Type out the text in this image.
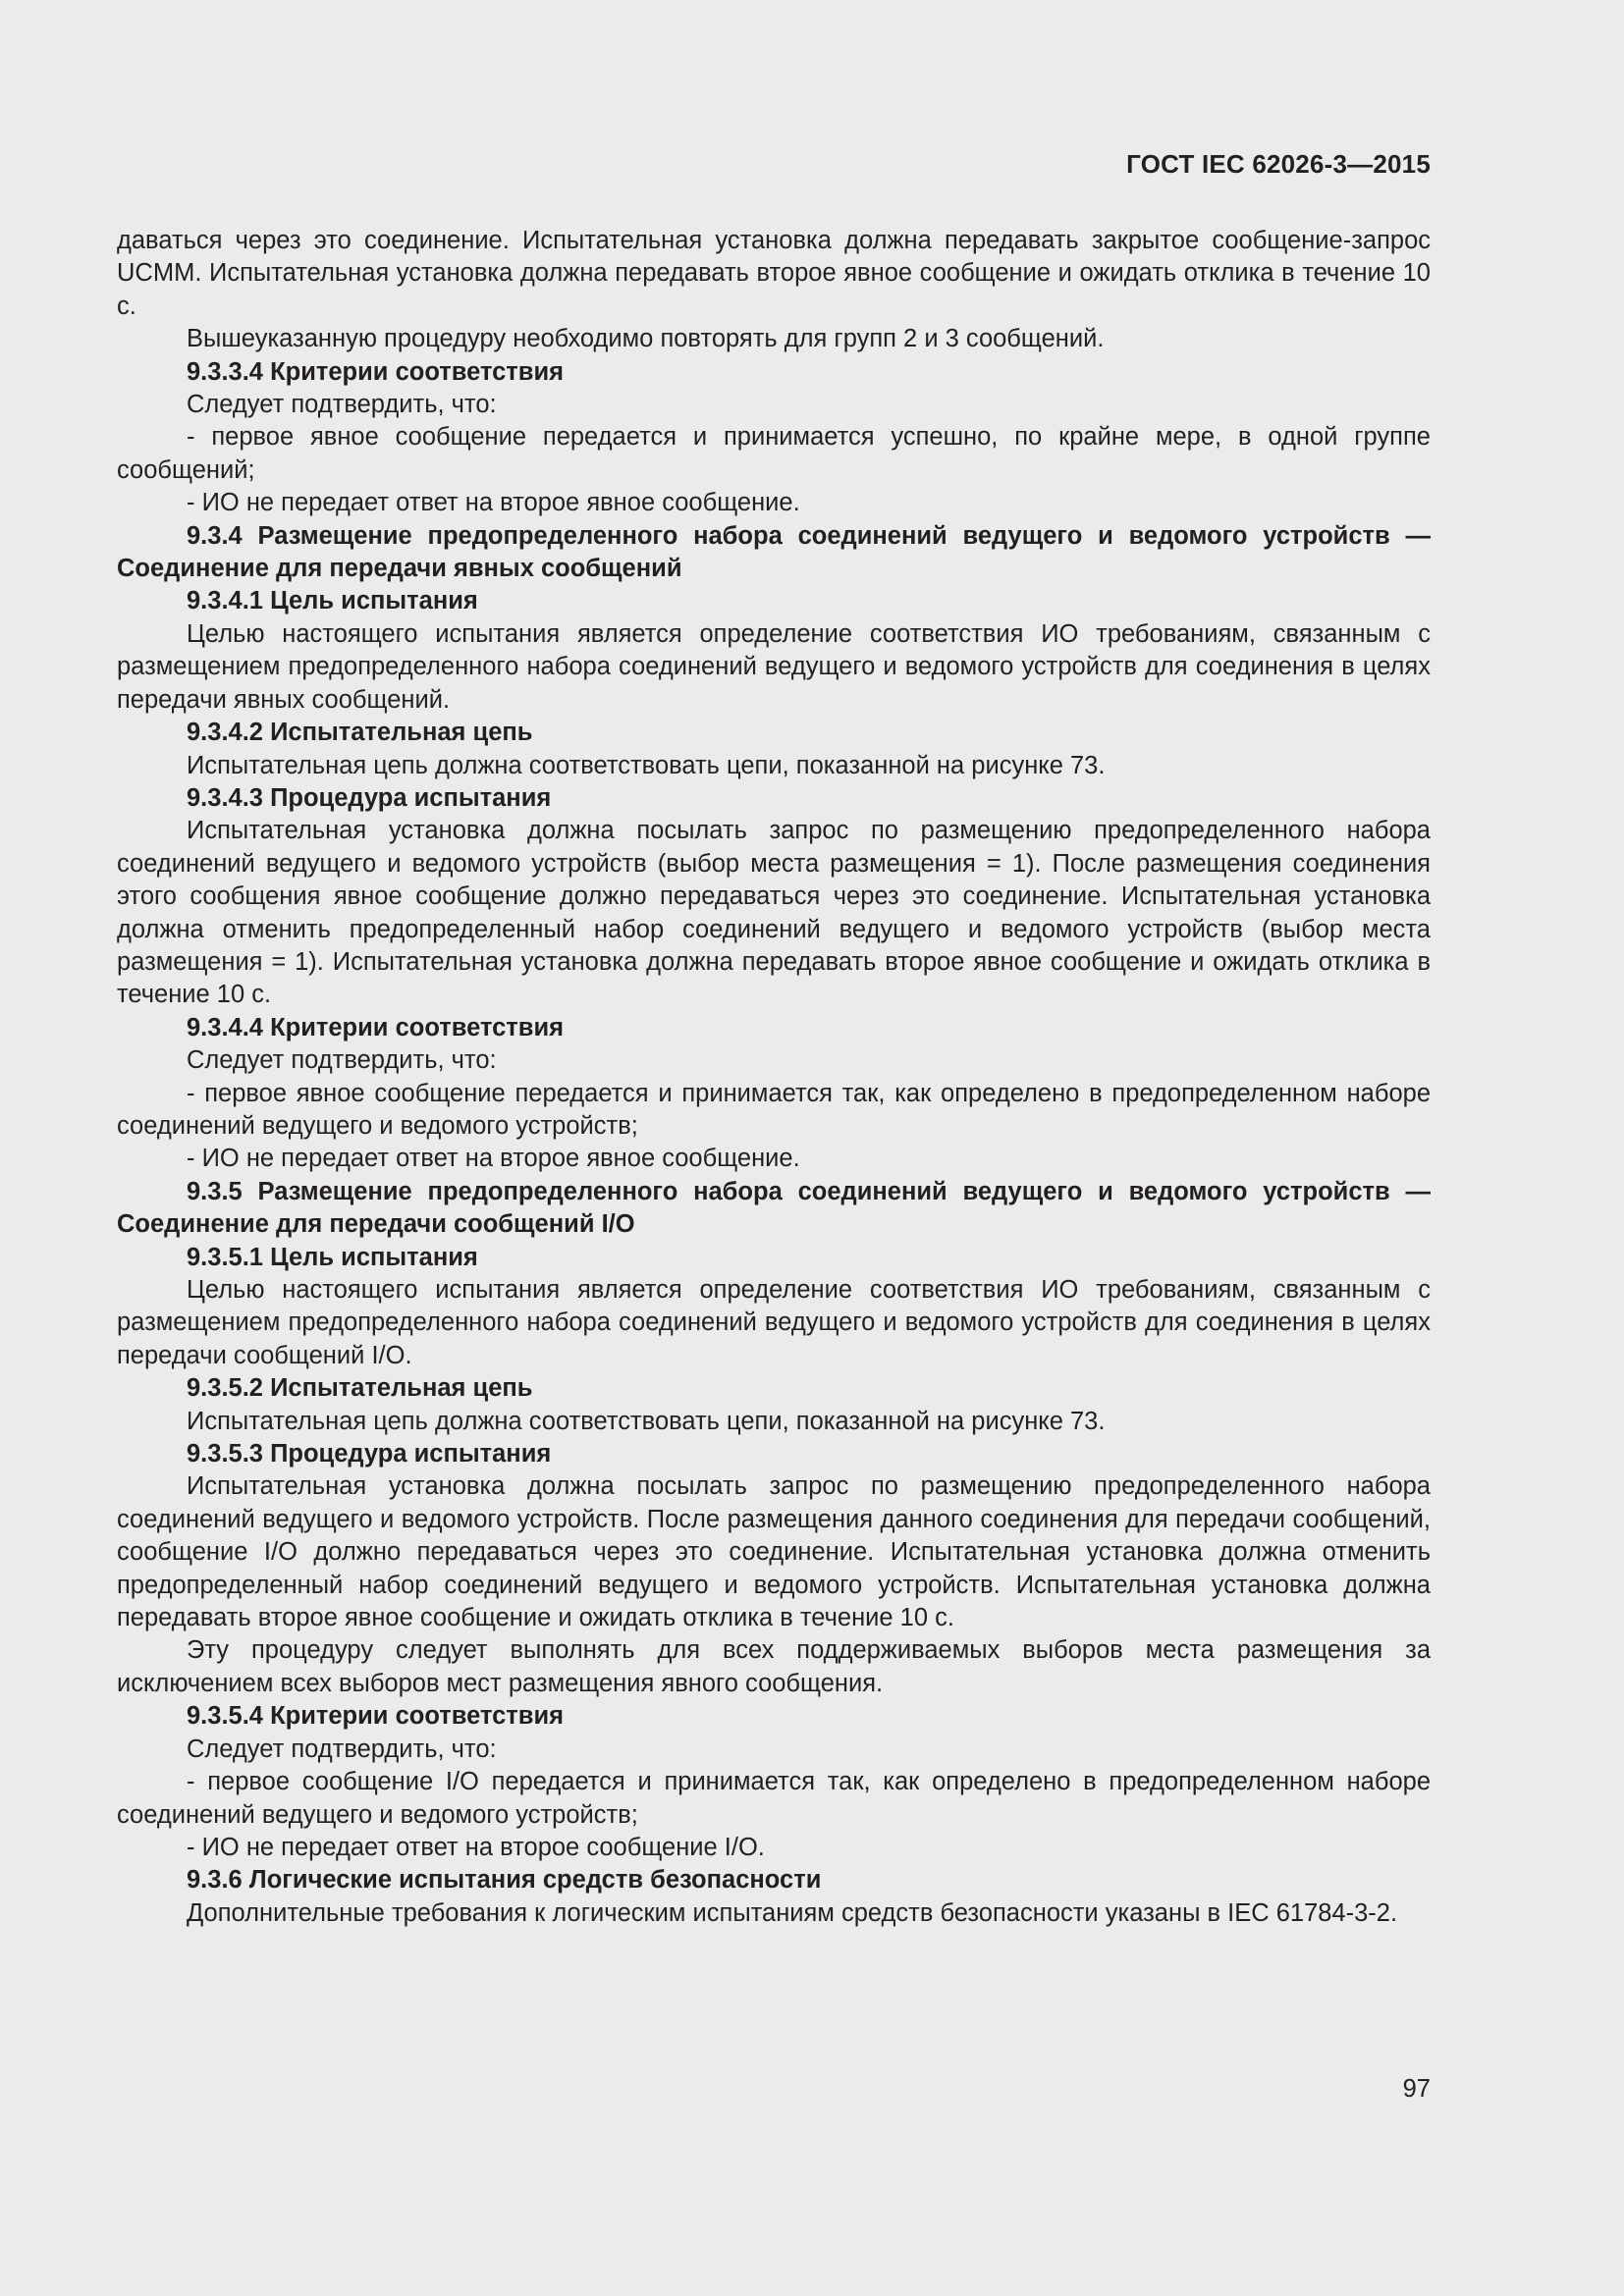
ГОСТ IEC 62026-3—2015

даваться через это соединение. Испытательная установка должна передавать закрытое сообщение-запрос UCMM. Испытательная установка должна передавать второе явное сообщение и ожидать отклика в течение 10 с.

Вышеуказанную процедуру необходимо повторять для групп 2 и 3 сообщений.

9.3.3.4 Критерии соответствия

Следует подтвердить, что:

- первое явное сообщение передается и принимается успешно, по крайне мере, в одной группе сообщений;

- ИО не передает ответ на второе явное сообщение.

9.3.4 Размещение предопределенного набора соединений ведущего и ведомого устройств — Соединение для передачи явных сообщений

9.3.4.1 Цель испытания

Целью настоящего испытания является определение соответствия ИО требованиям, связанным с размещением предопределенного набора соединений ведущего и ведомого устройств для соединения в целях передачи явных сообщений.

9.3.4.2 Испытательная цепь

Испытательная цепь должна соответствовать цепи, показанной на рисунке 73.

9.3.4.3 Процедура испытания

Испытательная установка должна посылать запрос по размещению предопределенного набора соединений ведущего и ведомого устройств (выбор места размещения = 1). После размещения соединения этого сообщения явное сообщение должно передаваться через это соединение. Испытательная установка должна отменить предопределенный набор соединений ведущего и ведомого устройств (выбор места размещения = 1). Испытательная установка должна передавать второе явное сообщение и ожидать отклика в течение 10 с.

9.3.4.4 Критерии соответствия

Следует подтвердить, что:

- первое явное сообщение передается и принимается так, как определено в предопределенном наборе соединений ведущего и ведомого устройств;

- ИО не передает ответ на второе явное сообщение.

9.3.5 Размещение предопределенного набора соединений ведущего и ведомого устройств — Соединение для передачи сообщений I/O

9.3.5.1 Цель испытания

Целью настоящего испытания является определение соответствия ИО требованиям, связанным с размещением предопределенного набора соединений ведущего и ведомого устройств для соединения в целях передачи сообщений I/O.

9.3.5.2 Испытательная цепь

Испытательная цепь должна соответствовать цепи, показанной на рисунке 73.

9.3.5.3 Процедура испытания

Испытательная установка должна посылать запрос по размещению предопределенного набора соединений ведущего и ведомого устройств. После размещения данного соединения для передачи сообщений, сообщение I/O должно передаваться через это соединение. Испытательная установка должна отменить предопределенный набор соединений ведущего и ведомого устройств. Испытательная установка должна передавать второе явное сообщение и ожидать отклика в течение 10 с.

Эту процедуру следует выполнять для всех поддерживаемых выборов места размещения за исключением всех выборов мест размещения явного сообщения.

9.3.5.4 Критерии соответствия

Следует подтвердить, что:

- первое сообщение I/O передается и принимается так, как определено в предопределенном наборе соединений ведущего и ведомого устройств;

- ИО не передает ответ на второе сообщение I/O.

9.3.6 Логические испытания средств безопасности

Дополнительные требования к логическим испытаниям средств безопасности указаны в IEC 61784-3-2.

97
